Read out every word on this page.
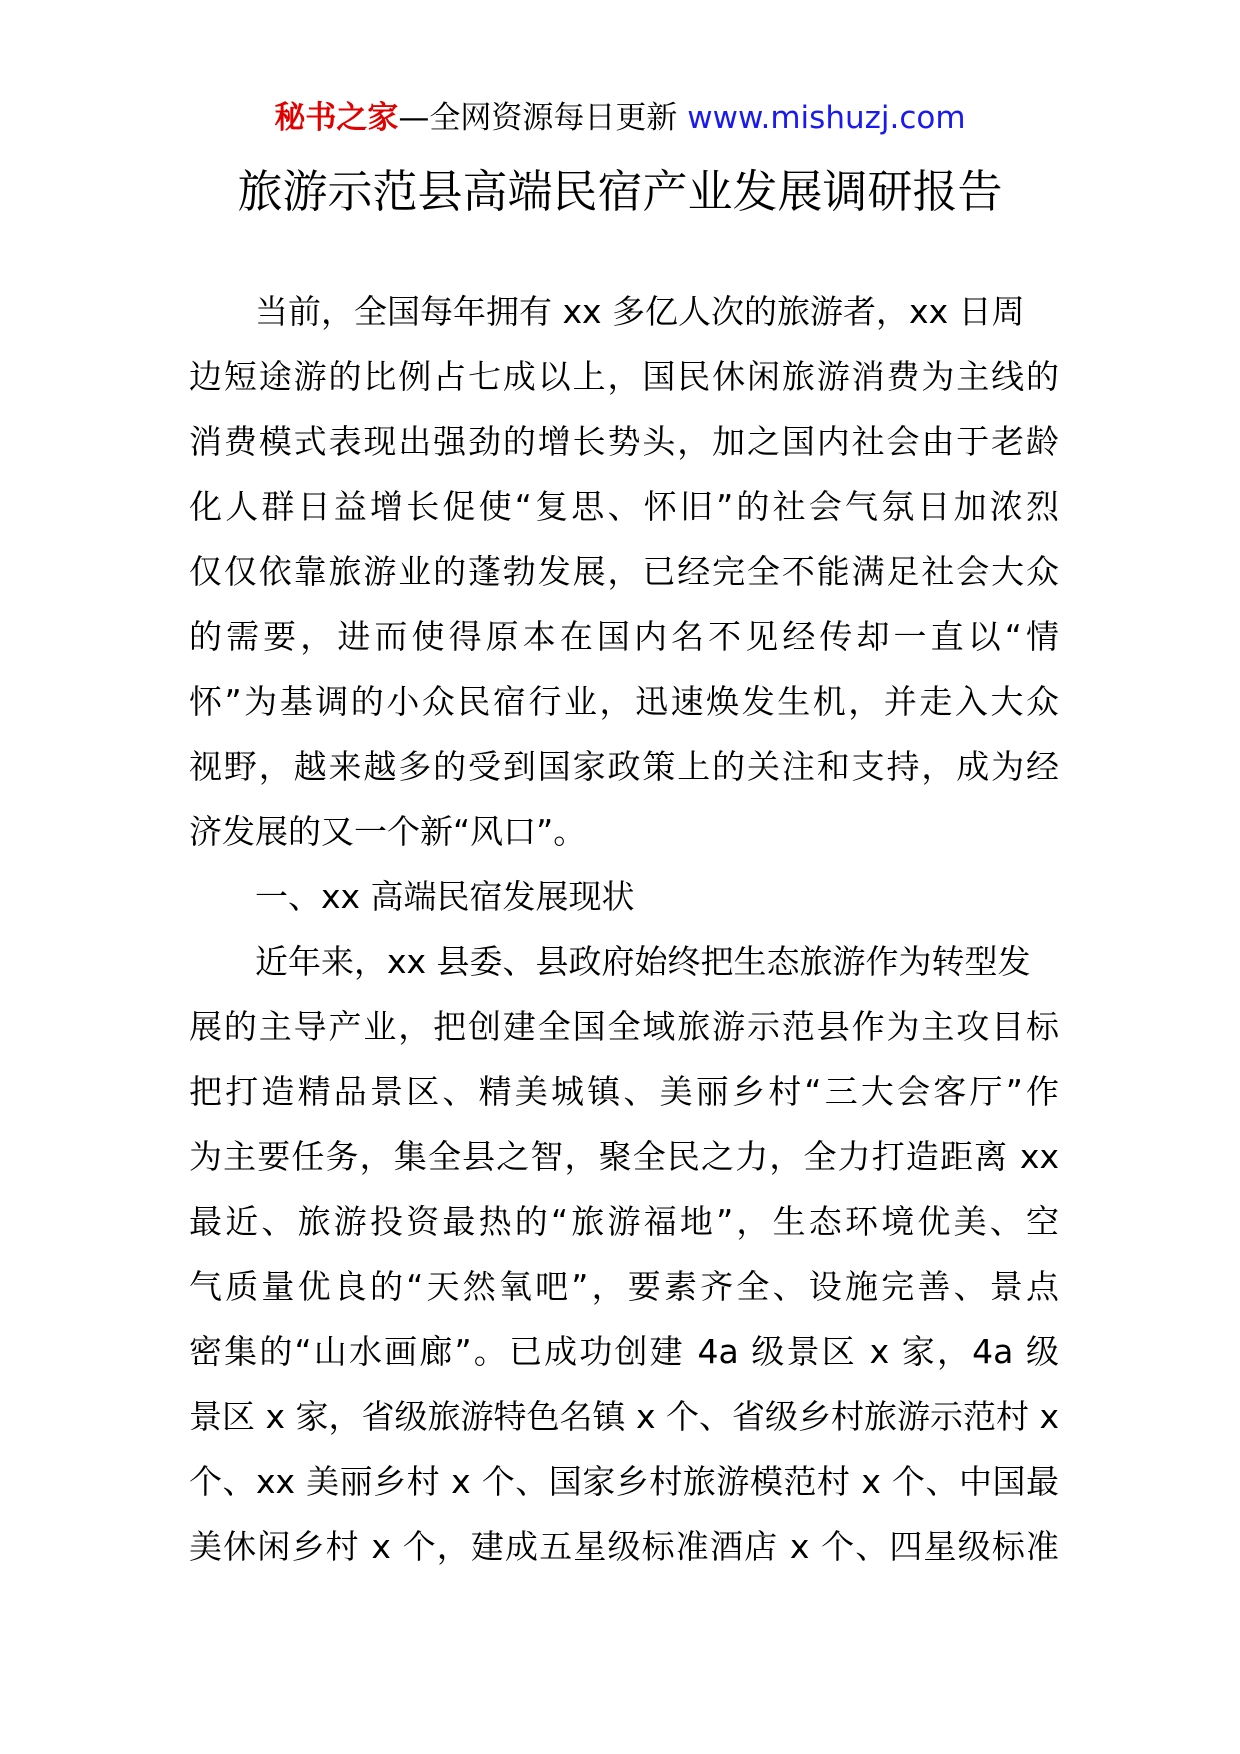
秘书之家—全网资源每日更新 www.mishuzj.com
旅游示范县高端民宿产业发展调研报告
当前，全国每年拥有 xx 多亿人次的旅游者，xx 日周
边短途游的比例占七成以上，国民休闲旅游消费为主线的
消费模式表现出强劲的增长势头，加之国内社会由于老龄
化人群日益增长促使“复思、怀旧”的社会气氛日加浓烈
仅仅依靠旅游业的蓬勃发展，已经完全不能满足社会大众
的需要，进而使得原本在国内名不见经传却一直以“情
怀”为基调的小众民宿行业，迅速焕发生机，并走入大众
视野，越来越多的受到国家政策上的关注和支持，成为经
济发展的又一个新“风口”。
一、xx 高端民宿发展现状
近年来，xx 县委、县政府始终把生态旅游作为转型发
展的主导产业，把创建全国全域旅游示范县作为主攻目标
把打造精品景区、精美城镇、美丽乡村“三大会客厅”作
为主要任务，集全县之智，聚全民之力，全力打造距离 xx
最近、旅游投资最热的“旅游福地”，生态环境优美、空
气质量优良的“天然氧吧”，要素齐全、设施完善、景点
密集的“山水画廊”。已成功创建 4a 级景区 x 家，4a 级
景区 x 家，省级旅游特色名镇 x 个、省级乡村旅游示范村 x
个、xx 美丽乡村 x 个、国家乡村旅游模范村 x 个、中国最
美休闲乡村 x 个，建成五星级标准酒店 x 个、四星级标准
